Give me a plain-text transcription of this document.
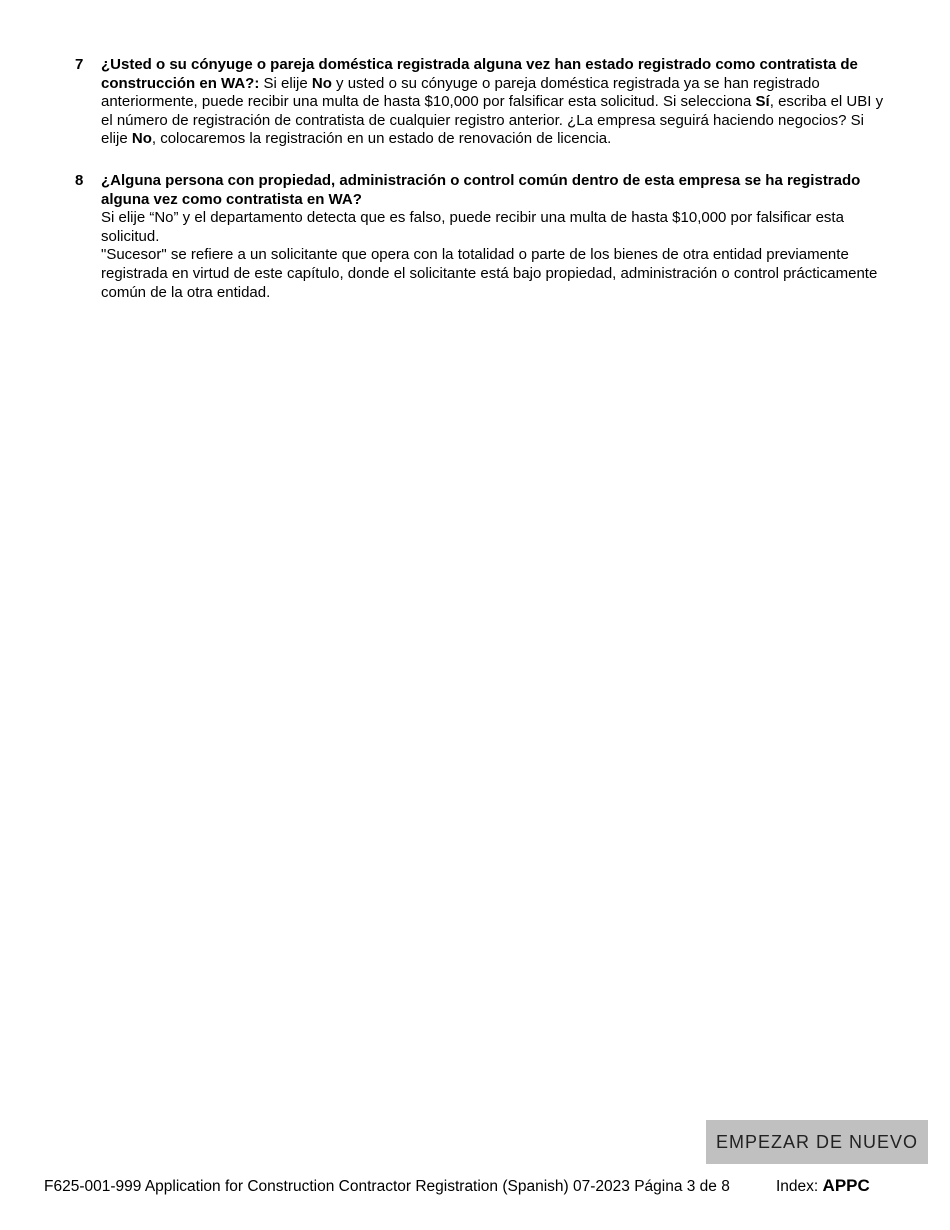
7 ¿Usted o su cónyuge o pareja doméstica registrada alguna vez han estado registrado como contratista de construcción en WA?: Si elije No y usted o su cónyuge o pareja doméstica registrada ya se han registrado anteriormente, puede recibir una multa de hasta $10,000 por falsificar esta solicitud. Si selecciona Sí, escriba el UBI y el número de registración de contratista de cualquier registro anterior. ¿La empresa seguirá haciendo negocios? Si elije No, colocaremos la registración en un estado de renovación de licencia.
8 ¿Alguna persona con propiedad, administración o control común dentro de esta empresa se ha registrado alguna vez como contratista en WA?
Si elije “No” y el departamento detecta que es falso, puede recibir una multa de hasta $10,000 por falsificar esta solicitud.
"Sucesor" se refiere a un solicitante que opera con la totalidad o parte de los bienes de otra entidad previamente registrada en virtud de este capítulo, donde el solicitante está bajo propiedad, administración o control prácticamente común de la otra entidad.
EMPEZAR DE NUEVO
F625-001-999 Application for Construction Contractor Registration (Spanish) 07-2023 Página 3 de 8	Index: APPC
